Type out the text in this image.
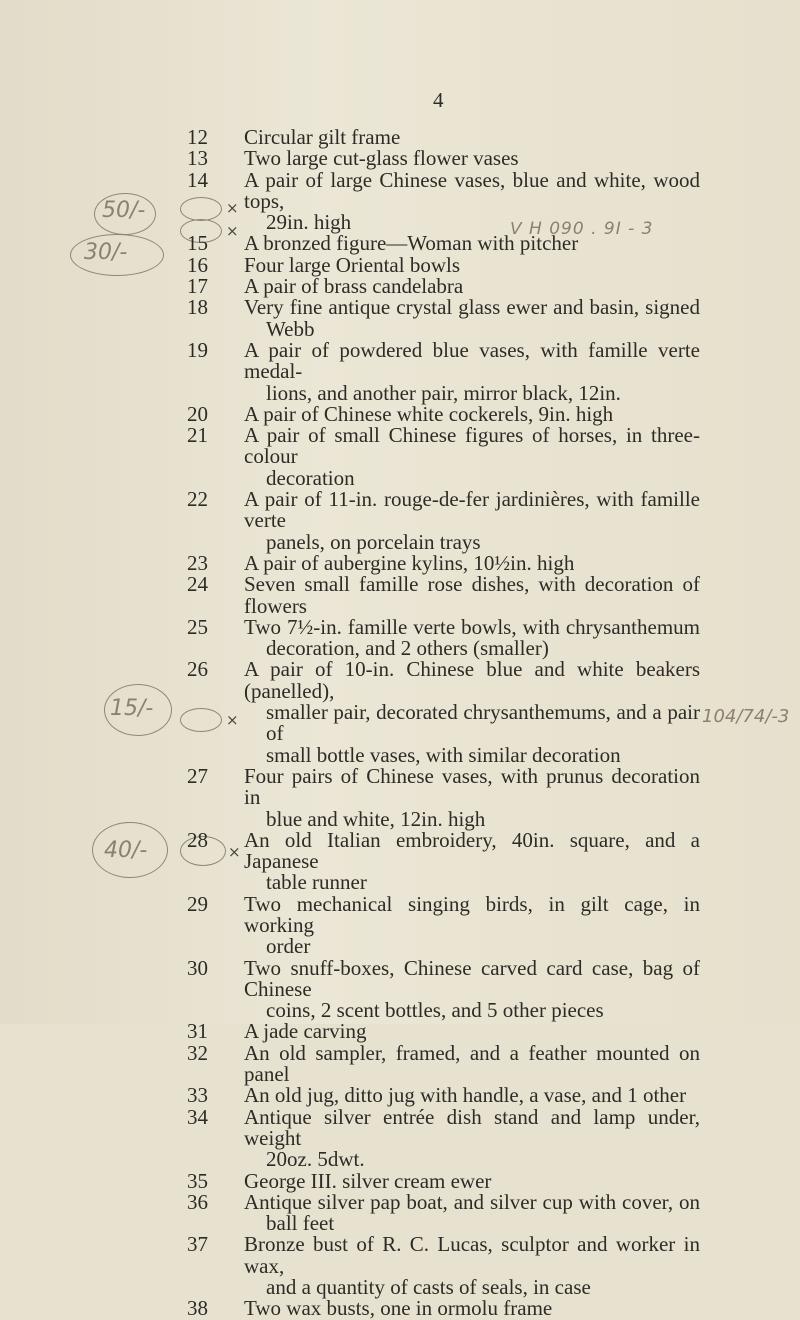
4
50/-
30/-
×
×	ᐯ H 090 . 9I - 3
15/-	×	104/74/-3
40/-	×
12 Circular gilt frame
13 Two large cut-glass flower vases
14 A pair of large Chinese vases, blue and white, wood tops,
29in. high
15 A bronzed figure—Woman with pitcher
16 Four large Oriental bowls
17 A pair of brass candelabra
18 Very fine antique crystal glass ewer and basin, signed
Webb
19 A pair of powdered blue vases, with famille verte medal-
lions, and another pair, mirror black, 12in.
20 A pair of Chinese white cockerels, 9in. high
21 A pair of small Chinese figures of horses, in three-colour
decoration
22 A pair of 11-in. rouge-de-fer jardinières, with famille verte
panels, on porcelain trays
23 A pair of aubergine kylins, 10½in. high
24 Seven small famille rose dishes, with decoration of flowers
25 Two 7½-in. famille verte bowls, with chrysanthemum
decoration, and 2 others (smaller)
26 A pair of 10-in. Chinese blue and white beakers (panelled),
smaller pair, decorated chrysanthemums, and a pair of
small bottle vases, with similar decoration
27 Four pairs of Chinese vases, with prunus decoration in
blue and white, 12in. high
28 An old Italian embroidery, 40in. square, and a Japanese
table runner
29 Two mechanical singing birds, in gilt cage, in working
order
30 Two snuff-boxes, Chinese carved card case, bag of Chinese
coins, 2 scent bottles, and 5 other pieces
31 A jade carving
32 An old sampler, framed, and a feather mounted on panel
33 An old jug, ditto jug with handle, a vase, and 1 other
34 Antique silver entrée dish stand and lamp under, weight
20oz. 5dwt.
35 George III. silver cream ewer
36 Antique silver pap boat, and silver cup with cover, on
ball feet
37 Bronze bust of R. C. Lucas, sculptor and worker in wax,
and a quantity of casts of seals, in case
38 Two wax busts, one in ormolu frame
